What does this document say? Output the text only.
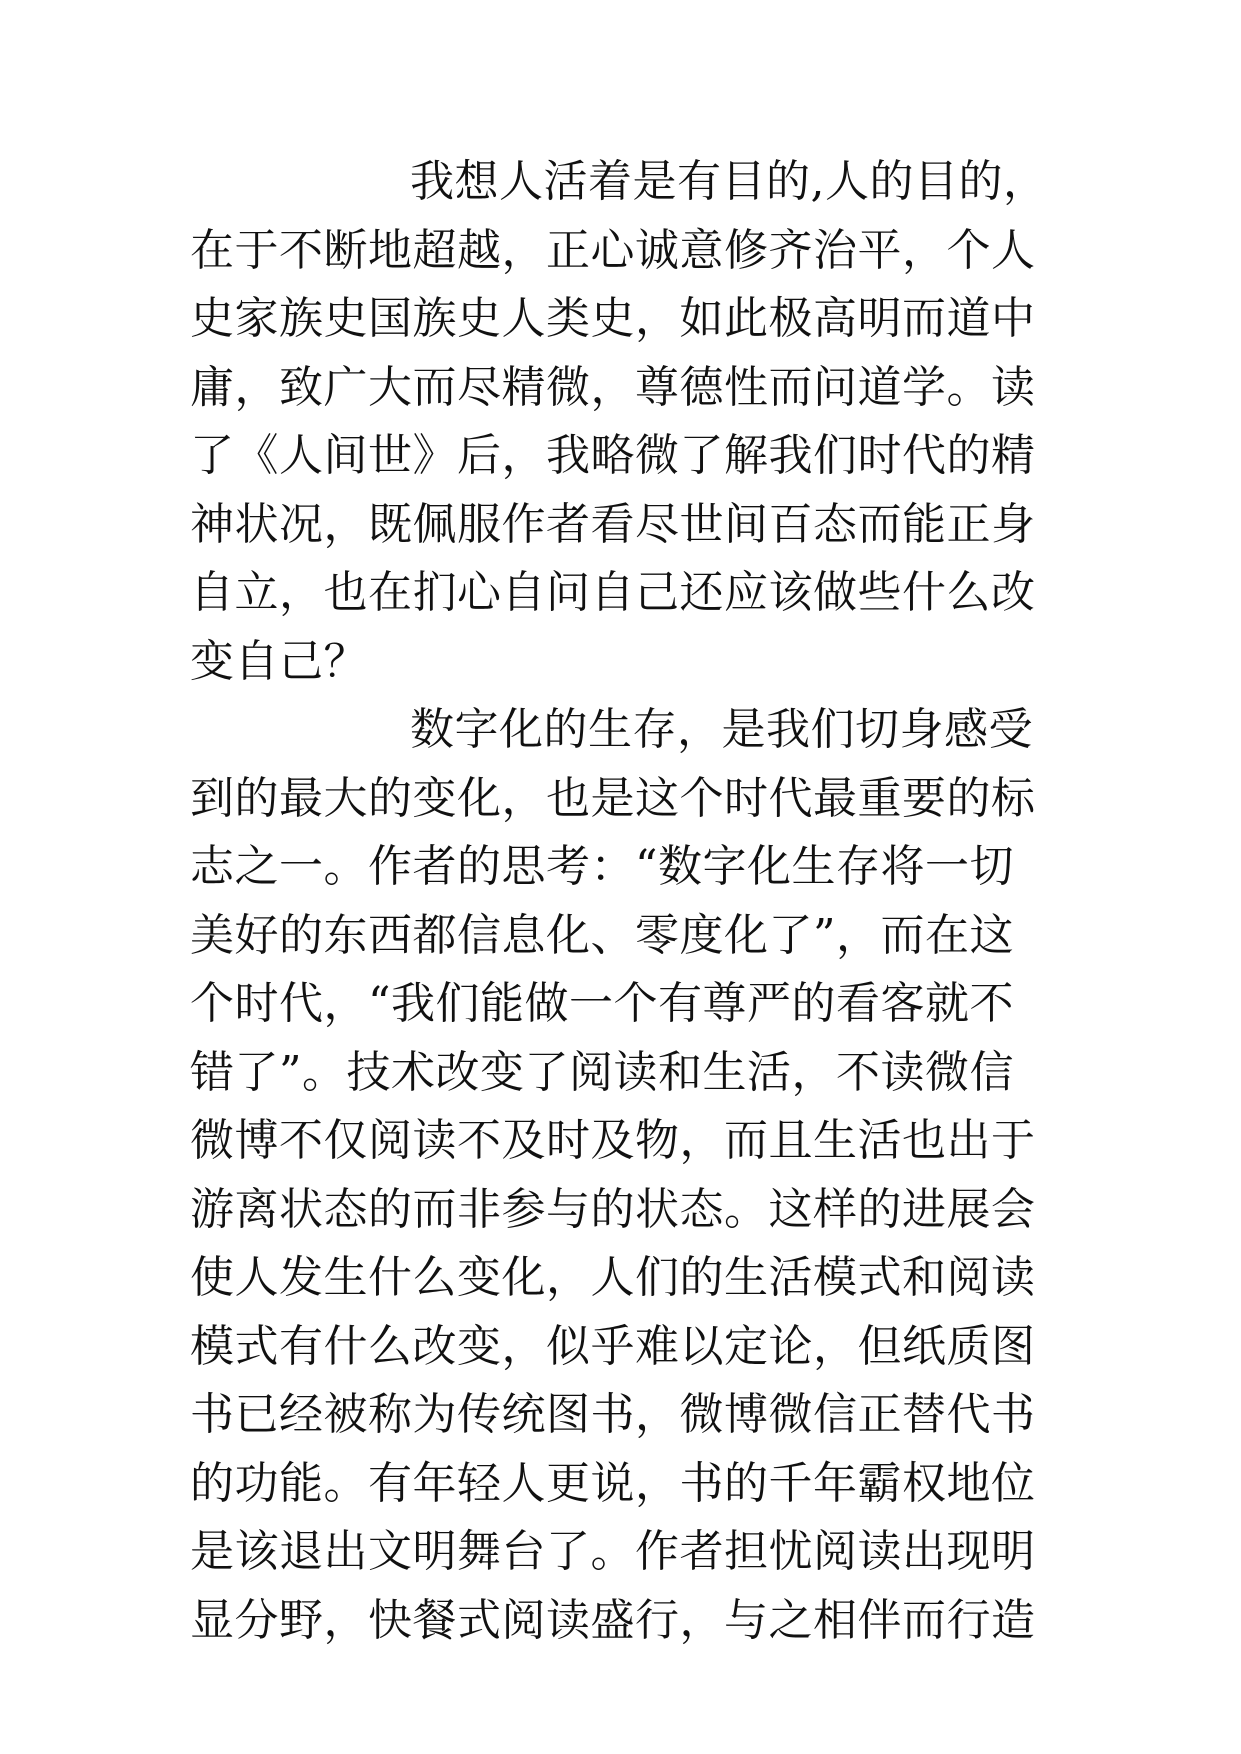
我想人活着是有目的,人的目的，
在于不断地超越，正心诚意修齐治平，个人
史家族史国族史人类史，如此极高明而道中
庸，致广大而尽精微，尊德性而问道学。读
了《人间世》后，我略微了解我们时代的精
神状况，既佩服作者看尽世间百态而能正身
自立，也在扪心自问自己还应该做些什么改
变自己？
数字化的生存，是我们切身感受
到的最大的变化，也是这个时代最重要的标
志之一。作者的思考：“数字化生存将一切
美好的东西都信息化、零度化了”，而在这
个时代，“我们能做一个有尊严的看客就不
错了”。技术改变了阅读和生活，不读微信
微博不仅阅读不及时及物，而且生活也出于
游离状态的而非参与的状态。这样的进展会
使人发生什么变化，人们的生活模式和阅读
模式有什么改变，似乎难以定论，但纸质图
书已经被称为传统图书，微博微信正替代书
的功能。有年轻人更说，书的千年霸权地位
是该退出文明舞台了。作者担忧阅读出现明
显分野，快餐式阅读盛行，与之相伴而行造
